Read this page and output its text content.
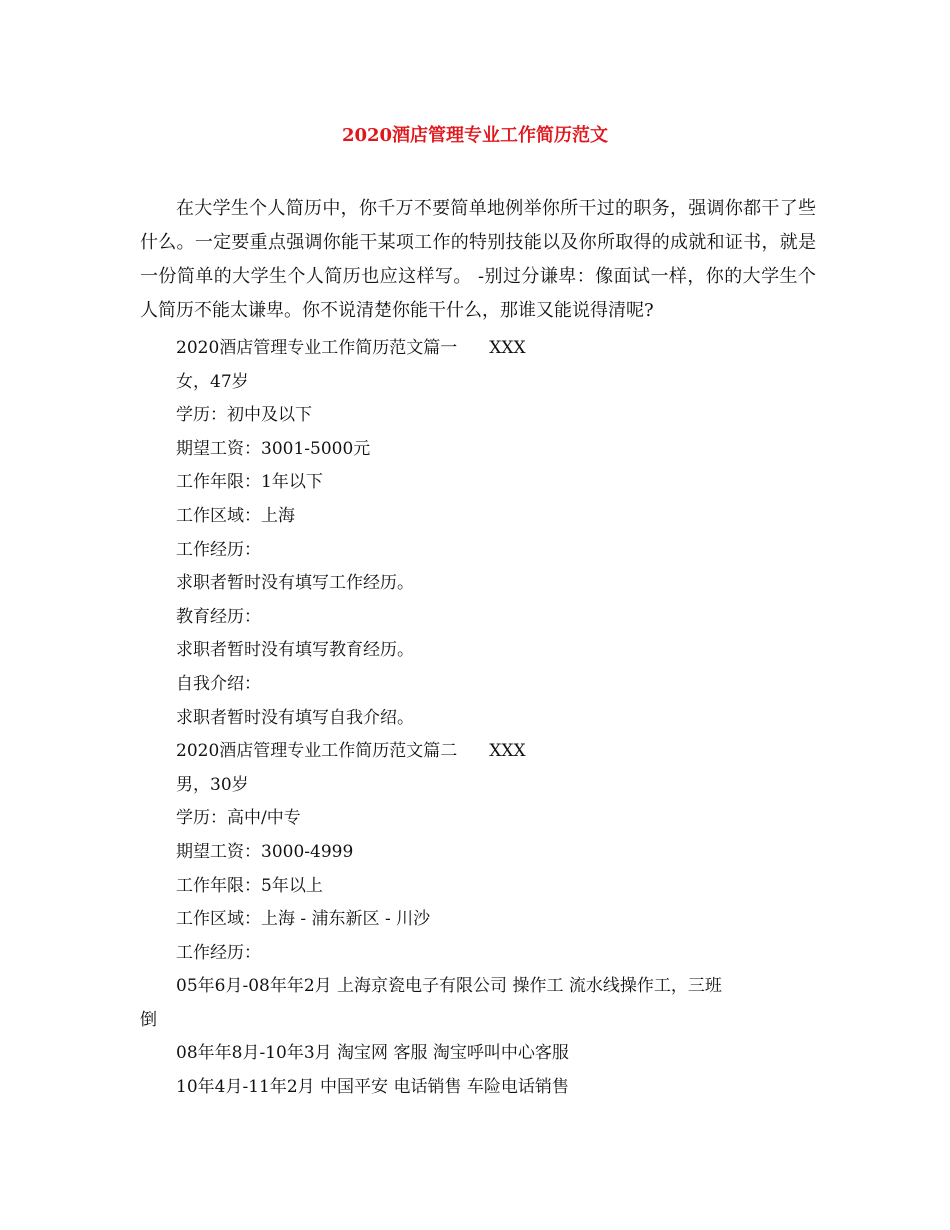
2020酒店管理专业工作简历范文

在大学生个人简历中，你千万不要简单地例举你所干过的职务，强调你都干了些什么。一定要重点强调你能干某项工作的特别技能以及你所取得的成就和证书，就是一份简单的大学生个人简历也应这样写。 -别过分谦卑：像面试一样，你的大学生个人简历不能太谦卑。你不说清楚你能干什么，那谁又能说得清呢?

2020酒店管理专业工作简历范文篇一 XXX
女，47岁
学历：初中及以下
期望工资：3001-5000元
工作年限：1年以下
工作区域：上海
工作经历：
求职者暂时没有填写工作经历。
教育经历：
求职者暂时没有填写教育经历。
自我介绍：
求职者暂时没有填写自我介绍。
2020酒店管理专业工作简历范文篇二 XXX
男，30岁
学历：高中/中专
期望工资：3000-4999
工作年限：5年以上
工作区域：上海 - 浦东新区 - 川沙
工作经历：
05年6月-08年年2月 上海京瓷电子有限公司 操作工 流水线操作工，三班
倒
08年年8月-10年3月 淘宝网 客服 淘宝呼叫中心客服
10年4月-11年2月 中国平安 电话销售 车险电话销售
